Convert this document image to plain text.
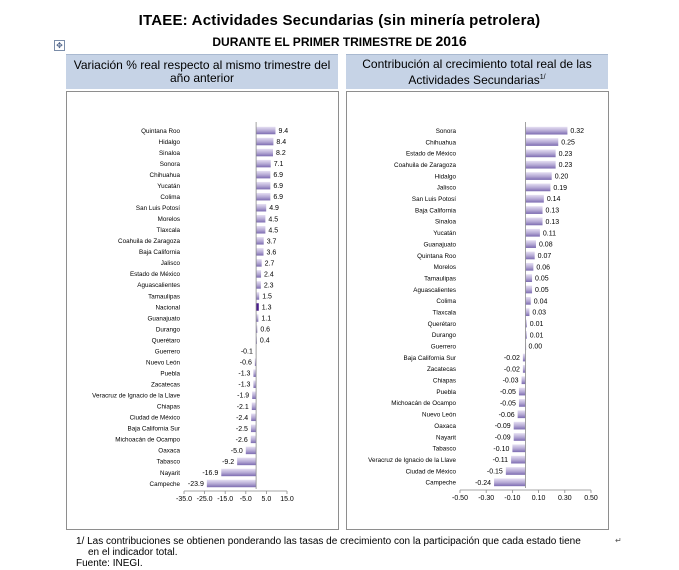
ITAEE: Actividades Secundarias (sin minería petrolera)
DURANTE EL PRIMER TRIMESTRE DE 2016
✥
Variación % real respecto al mismo trimestre del año anterior
Contribución al crecimiento total real de las Actividades Secundarias$^{1/}$
Quintana Roo	9.4
Hidalgo	8.4
Sinaloa	8.2
Sonora	7.1
Chihuahua	6.9
Yucatán	6.9
Colima	6.9
San Luis Potosí	4.9
Morelos	4.5
Tlaxcala	4.5
Coahuila de Zaragoza	3.7
Baja California	3.6
Jalisco	2.7
Estado de México	2.4
Aguascalientes	2.3
Tamaulipas	1.5
Nacional	1.3
Guanajuato	1.1
Durango	0.6
Querétaro	0.4
Guerrero	-0.1
Nuevo León	-0.6
Puebla	-1.3
Zacatecas	-1.3
Veracruz de Ignacio de la Llave	-1.9
Chiapas	-2.1
Ciudad de México	-2.4
Baja California Sur	-2.5
Michoacán de Ocampo	-2.6
Oaxaca	-5.0
Tabasco	-9.2
Nayarit	-16.9
Campeche -23.9
-35.0 -25.0 -15.0 -5.0 5.0 15.0
Sonora	0.32
Chihuahua	0.25
Estado de México	0.23
Coahuila de Zaragoza	0.23
Hidalgo	0.20
Jalisco	0.19
San Luis Potosí	0.14
Baja California	0.13
Sinaloa	0.13
Yucatán	0.11
Guanajuato	0.08
Quintana Roo	0.07
Morelos	0.06
Tamaulipas	0.05
Aguascalientes	0.05
Colima	0.04
Tlaxcala	0.03
Querétaro	0.01
Durango	0.01
Guerrero	0.00
Baja California Sur	-0.02
Zacatecas	-0.02
Chiapas	-0.03
Puebla	-0.05
Michoacán de Ocampo	-0.05
Nuevo León	-0.06
Oaxaca	-0.09
Nayarit	-0.09
Tabasco	-0.10
Veracruz de Ignacio de la Llave	-0.11
Ciudad de México	-0.15
Campeche	-0.24
-0.50 -0.30 -0.10 0.10 0.30 0.50
1/ Las contribuciones se obtienen ponderando las tasas de crecimiento con la participación que cada estado tiene
en el indicador total.
Fuente: INEGI.
↵
